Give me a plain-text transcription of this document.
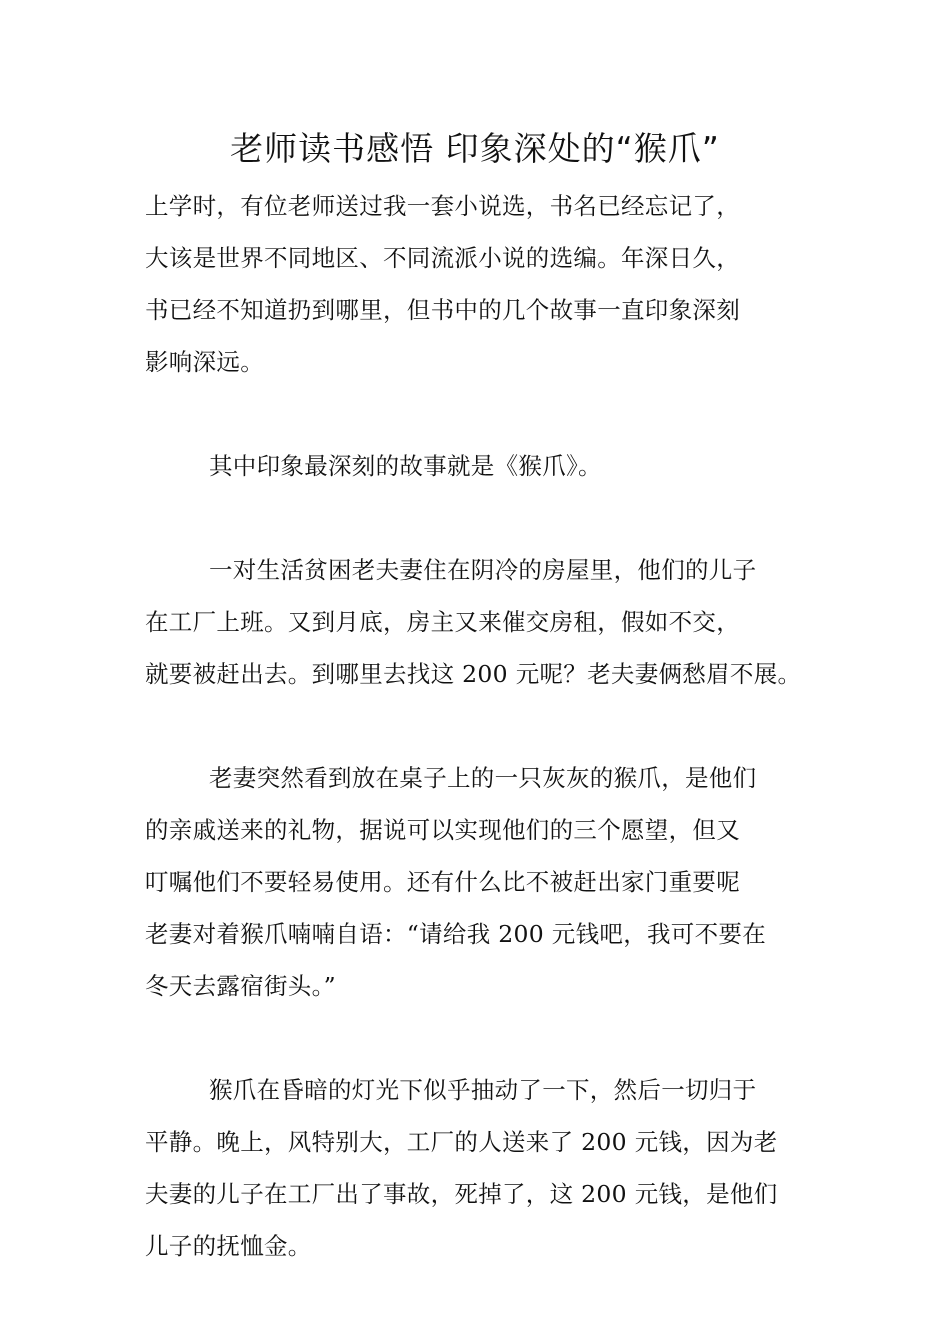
老师读书感悟 印象深处的“猴爪”

上学时，有位老师送过我一套小说选，书名已经忘记了，
大该是世界不同地区、不同流派小说的选编。年深日久，
书已经不知道扔到哪里，但书中的几个故事一直印象深刻
影响深远。

其中印象最深刻的故事就是《猴爪》。

一对生活贫困老夫妻住在阴冷的房屋里，他们的儿子
在工厂上班。又到月底，房主又来催交房租，假如不交，
就要被赶出去。到哪里去找这 200 元呢？老夫妻俩愁眉不展。

老妻突然看到放在桌子上的一只灰灰的猴爪，是他们
的亲戚送来的礼物，据说可以实现他们的三个愿望，但又
叮嘱他们不要轻易使用。还有什么比不被赶出家门重要呢
老妻对着猴爪喃喃自语：“请给我 200 元钱吧，我可不要在
冬天去露宿街头。”

猴爪在昏暗的灯光下似乎抽动了一下，然后一切归于
平静。晚上，风特别大，工厂的人送来了 200 元钱，因为老
夫妻的儿子在工厂出了事故，死掉了，这 200 元钱，是他们
儿子的抚恤金。
